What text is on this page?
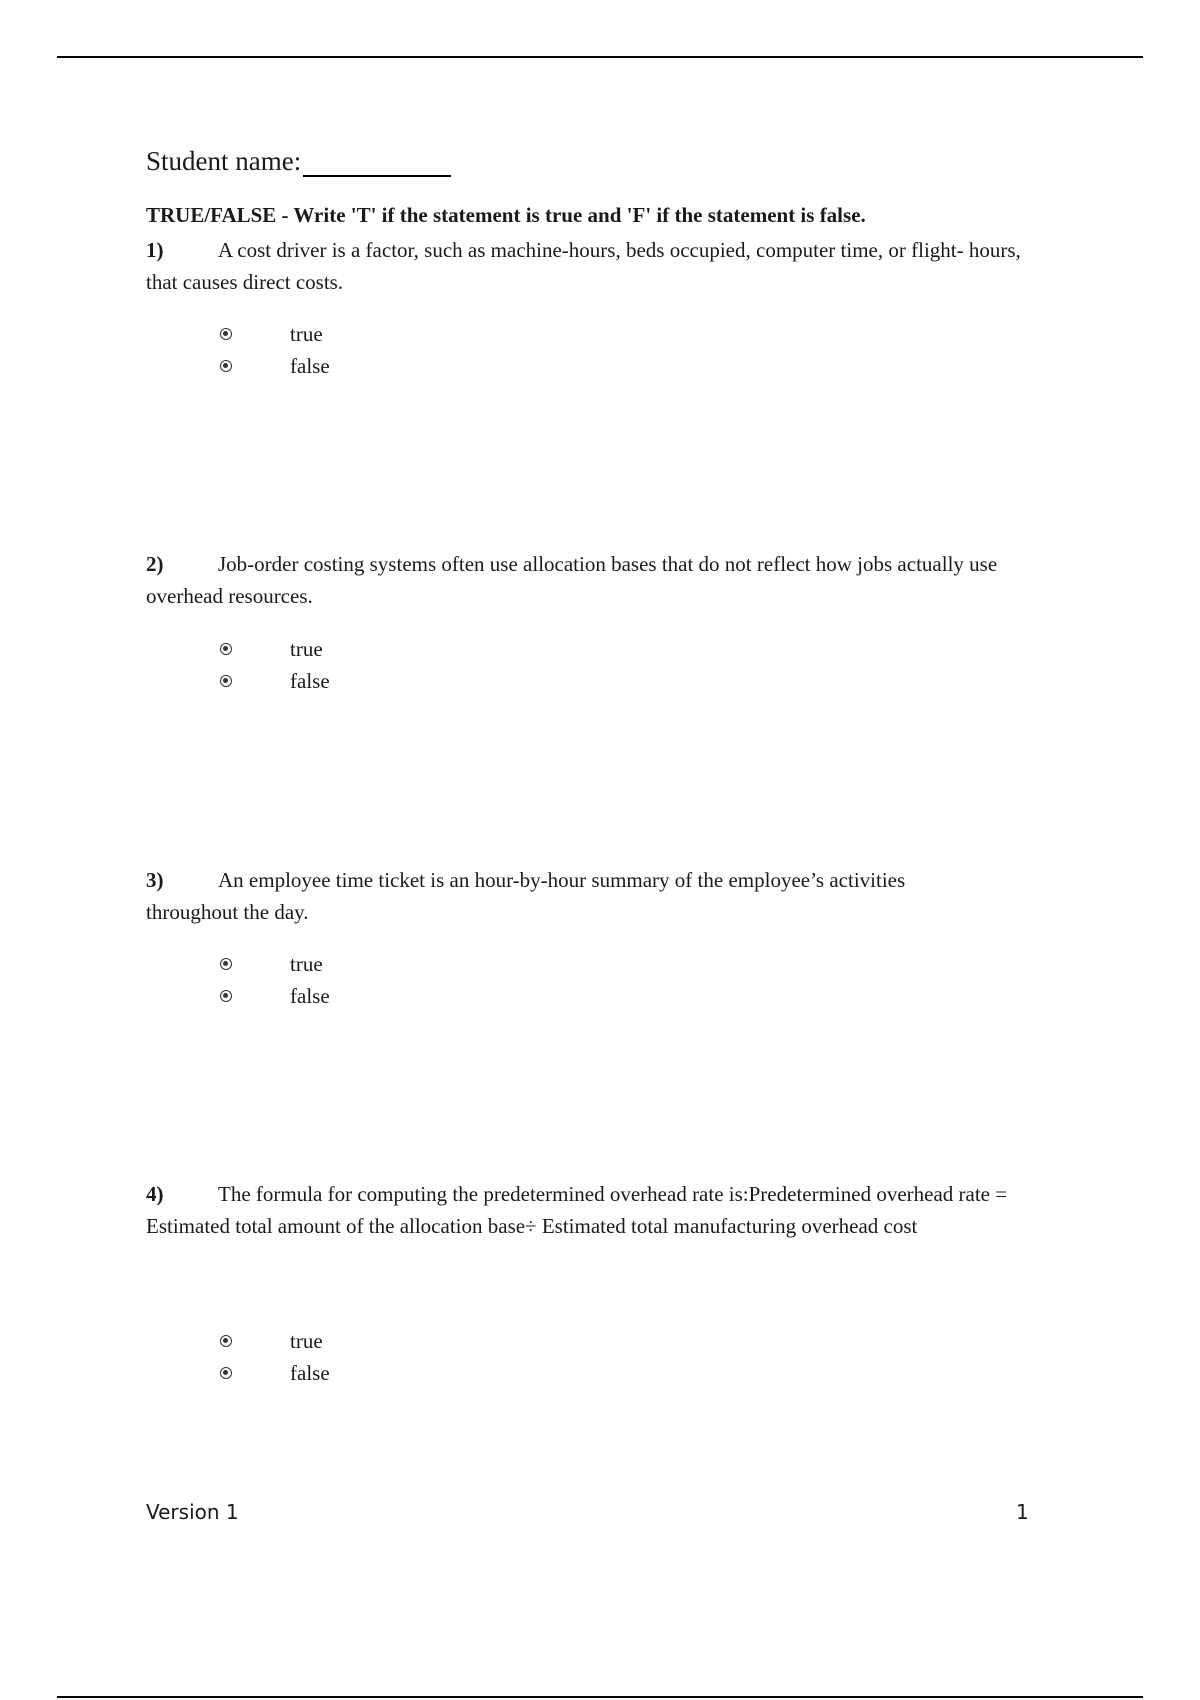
Student name:
TRUE/FALSE - Write 'T' if the statement is true and 'F' if the statement is false.
1)	A cost driver is a factor, such as machine-hours, beds occupied, computer time, or flight- hours, that causes direct costs.
true
false
2)	Job-order costing systems often use allocation bases that do not reflect how jobs actually use overhead resources.
true
false
3)	An employee time ticket is an hour-by-hour summary of the employee’s activities throughout the day.
true
false
4)	The formula for computing the predetermined overhead rate is:Predetermined overhead rate = Estimated total amount of the allocation base÷ Estimated total manufacturing overhead cost
true
false
Version 1	1
